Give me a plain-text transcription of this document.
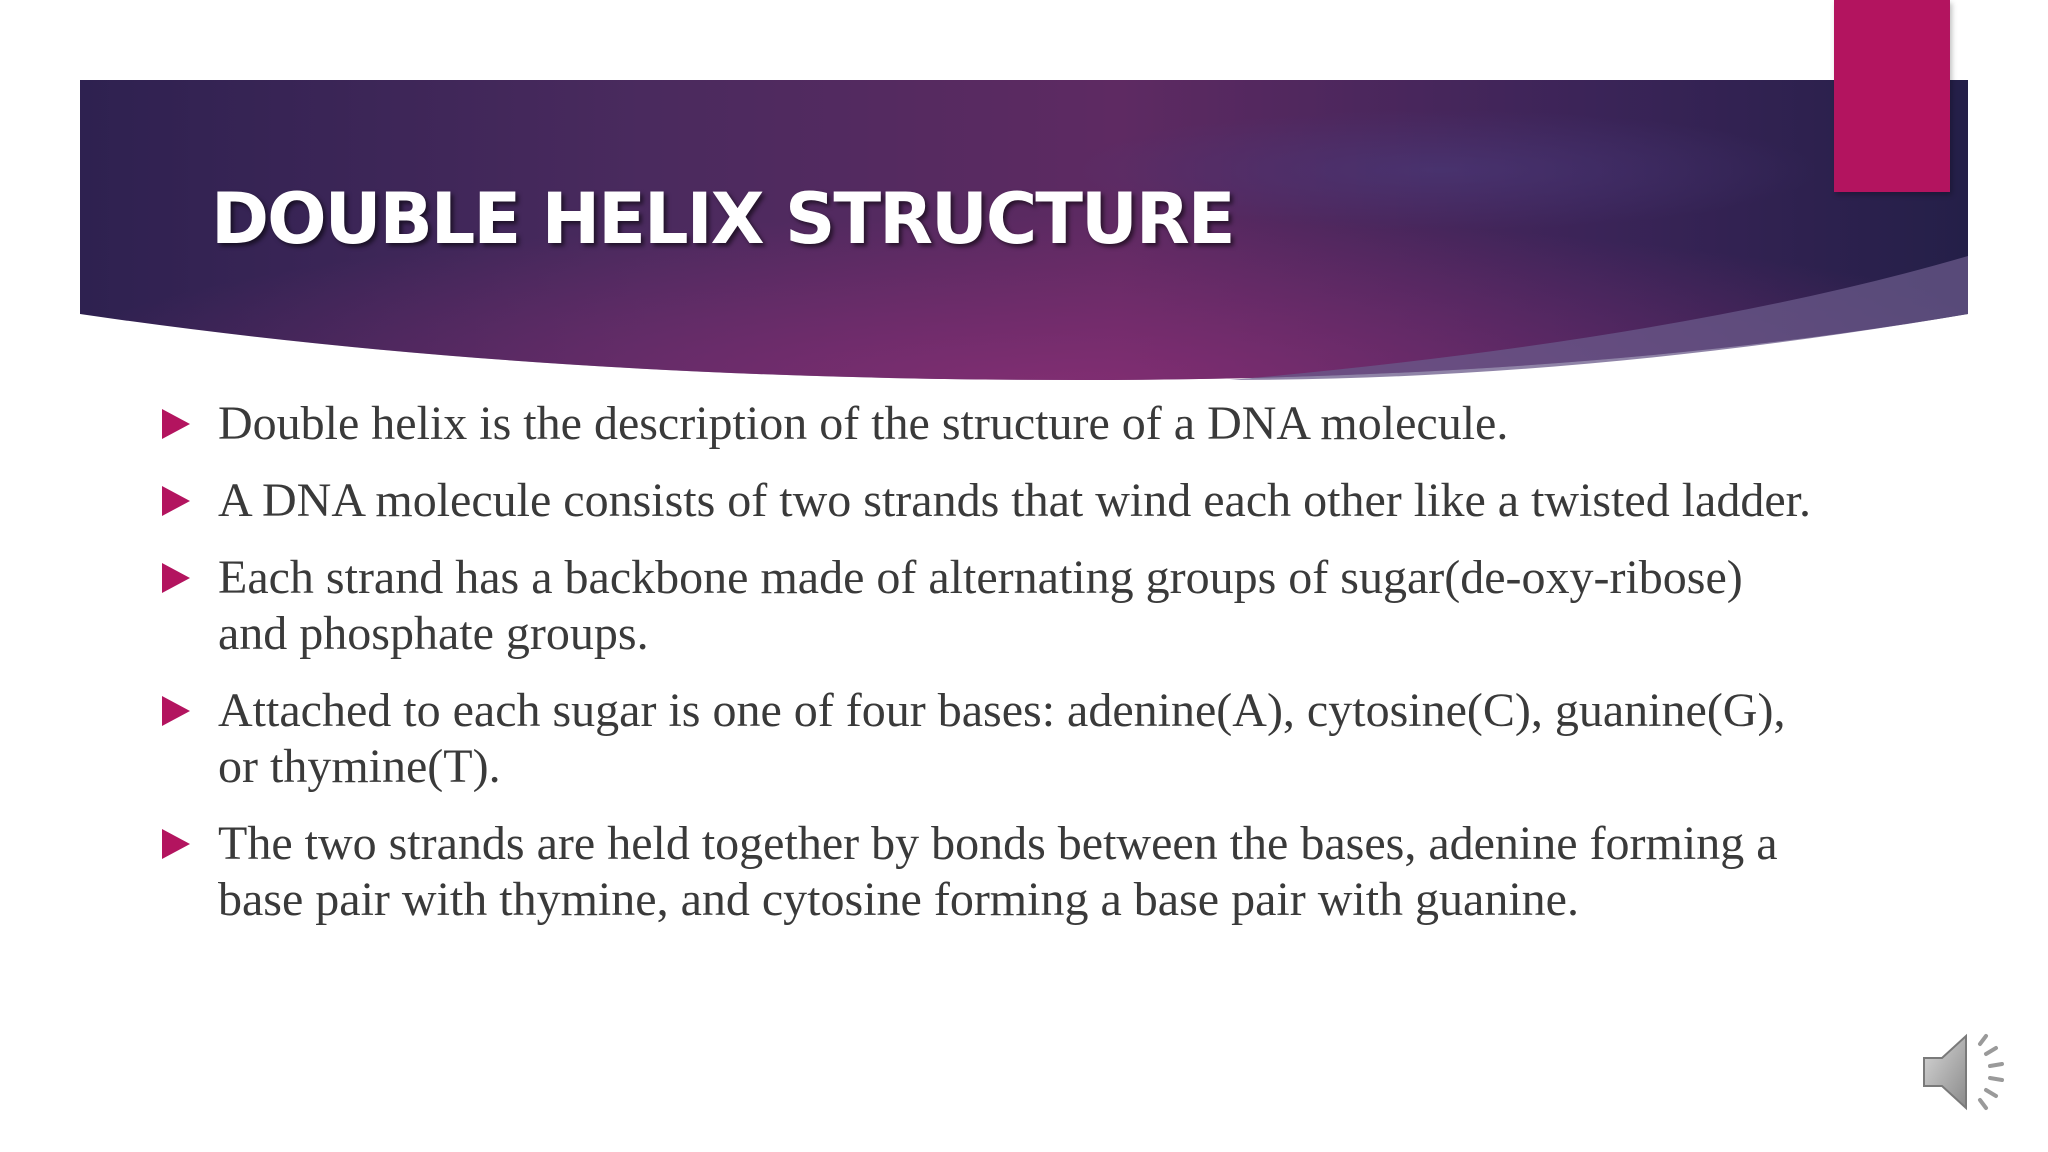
DOUBLE HELIX STRUCTURE
Double helix is the description of the structure of a DNA molecule.
A DNA molecule consists of two strands that wind each other like a twisted ladder.
Each strand has a backbone made of alternating groups of sugar(de-oxy-ribose) and phosphate groups.
Attached to each sugar is one of four bases: adenine(A), cytosine(C), guanine(G), or thymine(T).
The two strands are held together by bonds between the bases, adenine forming a base pair with thymine, and cytosine forming a base pair with guanine.
